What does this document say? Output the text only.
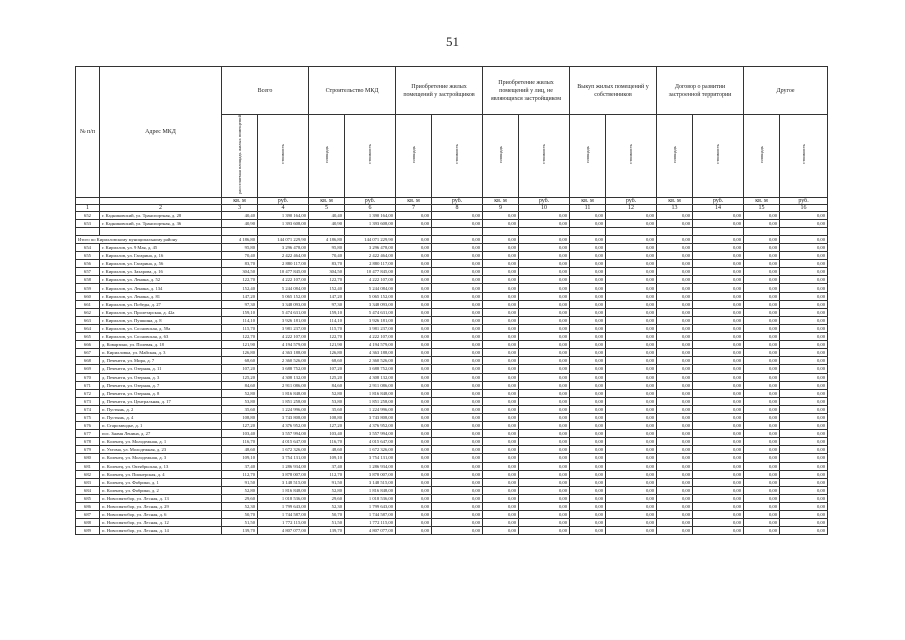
51
№ п/п	Адрес МКД	Всего		Строительство МКД		Приобретение жилых помещений у застройщиков		Приобретение жилых помещений у лиц, не являющихся застройщиком		Выкуп жилых помещений у собственников		Договор о развитии застроенной территории		Другое	
		расселяемая площадь жилых помещений	стоимость	площадь	стоимость	площадь	стоимость	площадь	стоимость	площадь	стоимость	площадь	стоимость	площадь	стоимость
		кв. м	руб.	кв. м	руб.	кв. м	руб.	кв. м	руб.	кв. м	руб.	кв. м	руб.	кв. м	руб.
1	2	3	4	5	6	7	8	9	10	11	12	13	14	15	16
652	г. Кадниковский, ул. Транспортная, д. 28	40,40	1 390 164,00	40,40	1 390 164,00	0,00	0,00	0,00	0,00	0,00	0,00	0,00	0,00	0,00	0,00
653	г. Кадниковский, ул. Транспортная, д. 36	40,90	1 393 608,00	40,90	1 393 608,00	0,00	0,00	0,00	0,00	0,00	0,00	0,00	0,00	0,00	0,00

Итого по Кирилловскому муниципальному району		4 186,80	144 071 229,90	4 186,80	144 071 229,90	0,00	0,00	0,00	0,00	0,00	0,00	0,00	0,00	0,00	0,00
654	г. Кириллов, ул. 9 Мая, д. 45	95,80	3 296 478,00	95,80	3 296 478,00	0,00	0,00	0,00	0,00	0,00	0,00	0,00	0,00	0,00	0,00
655	г. Кириллов, ул. Гагарина, д. 16	70,40	2 422 464,00	70,40	2 422 464,00	0,00	0,00	0,00	0,00	0,00	0,00	0,00	0,00	0,00	0,00
656	г. Кириллов, ул. Гагарина, д. 56	83,70	2 880 117,00	83,70	2 880 117,00	0,00	0,00	0,00	0,00	0,00	0,00	0,00	0,00	0,00	0,00
657	г. Кириллов, ул. Захарова, д. 16	304,50	10 477 845,00	304,50	10 477 845,00	0,00	0,00	0,00	0,00	0,00	0,00	0,00	0,00	0,00	0,00
658	г. Кириллов, ул. Ленина, д. 52	122,70	4 222 107,00	122,70	4 222 107,00	0,00	0,00	0,00	0,00	0,00	0,00	0,00	0,00	0,00	0,00
659	г. Кириллов, ул. Ленина, д. 134	152,40	5 244 084,00	152,40	5 244 084,00	0,00	0,00	0,00	0,00	0,00	0,00	0,00	0,00	0,00	0,00
660	г. Кириллов, ул. Ленина, д. 81	147,20	5 065 152,00	147,20	5 065 152,00	0,00	0,00	0,00	0,00	0,00	0,00	0,00	0,00	0,00	0,00
661	г. Кириллов, ул. Победы, д. 27	97,30	3 348 093,00	97,30	3 348 093,00	0,00	0,00	0,00	0,00	0,00	0,00	0,00	0,00	0,00	0,00
662	г. Кириллов, ул. Пролетарская, д. 42а	159,10	5 474 631,00	159,10	5 474 631,00	0,00	0,00	0,00	0,00	0,00	0,00	0,00	0,00	0,00	0,00
663	г. Кириллов, ул. Пушкина, д. 8	114,10	3 926 181,00	114,10	3 926 181,00	0,00	0,00	0,00	0,00	0,00	0,00	0,00	0,00	0,00	0,00
664	г. Кириллов, ул. Сосновская, д. 58а	115,70	3 981 237,00	115,70	3 981 237,00	0,00	0,00	0,00	0,00	0,00	0,00	0,00	0,00	0,00	0,00
665	г. Кириллов, ул. Сосновская, д. 63	122,70	4 222 107,00	122,70	4 222 107,00	0,00	0,00	0,00	0,00	0,00	0,00	0,00	0,00	0,00	0,00
666	д. Коварзино, ул. Полевая, д. 18	121,90	4 194 579,00	121,90	4 194 579,00	0,00	0,00	0,00	0,00	0,00	0,00	0,00	0,00	0,00	0,00
667	п. Кирилловка, ул. Майская, д. 3	126,80	4 363 188,00	126,80	4 363 188,00	0,00	0,00	0,00	0,00	0,00	0,00	0,00	0,00	0,00	0,00
668	д. Печенеги, ул. Мира, д. 7	68,60	2 360 526,00	68,60	2 360 526,00	0,00	0,00	0,00	0,00	0,00	0,00	0,00	0,00	0,00	0,00
669	д. Печенеги, ул. Озерная, д. 11	107,20	3 688 752,00	107,20	3 688 752,00	0,00	0,00	0,00	0,00	0,00	0,00	0,00	0,00	0,00	0,00
670	д. Печенеги, ул. Озерная, д. 3	125,20	4 308 132,00	125,20	4 308 132,00	0,00	0,00	0,00	0,00	0,00	0,00	0,00	0,00	0,00	0,00
671	д. Печенеги, ул. Озерная, д. 7	84,60	2 911 086,00	84,60	2 911 086,00	0,00	0,00	0,00	0,00	0,00	0,00	0,00	0,00	0,00	0,00
672	д. Печенеги, ул. Озерная, д. 8	52,80	1 816 848,00	52,80	1 816 848,00	0,00	0,00	0,00	0,00	0,00	0,00	0,00	0,00	0,00	0,00
673	д. Печенеги, ул. Центральная, д. 17	53,80	1 851 258,00	53,80	1 851 258,00	0,00	0,00	0,00	0,00	0,00	0,00	0,00	0,00	0,00	0,00
674	п. Пустынь, д. 2	35,60	1 224 996,00	35,60	1 224 996,00	0,00	0,00	0,00	0,00	0,00	0,00	0,00	0,00	0,00	0,00
675	п. Пустынь, д. 4	108,80	3 743 808,00	108,80	3 743 808,00	0,00	0,00	0,00	0,00	0,00	0,00	0,00	0,00	0,00	0,00
676	п. Старозаводье, д. 1	127,20	4 376 952,00	127,20	4 376 952,00	0,00	0,00	0,00	0,00	0,00	0,00	0,00	0,00	0,00	0,00
677	пос. Знамя Ленина, д. 27	103,40	3 557 994,00	103,40	3 557 994,00	0,00	0,00	0,00	0,00	0,00	0,00	0,00	0,00	0,00	0,00
678	п. Коленец, ул. Молодежная, д. 1	116,70	4 015 647,00	116,70	4 015 647,00	0,00	0,00	0,00	0,00	0,00	0,00	0,00	0,00	0,00	0,00
679	п. Ухтома, ул. Молодежная, д. 23	48,60	1 672 326,00	48,60	1 672 326,00	0,00	0,00	0,00	0,00	0,00	0,00	0,00	0,00	0,00	0,00
680	п. Коленец, ул. Молодежная, д. 3	109,10	3 754 131,00	109,10	3 754 131,00	0,00	0,00	0,00	0,00	0,00	0,00	0,00	0,00	0,00	0,00
681	п. Коленец, ул. Октябрьская, д. 13	37,40	1 286 934,00	37,40	1 286 934,00	0,00	0,00	0,00	0,00	0,00	0,00	0,00	0,00	0,00	0,00
682	п. Коленец, ул. Пионерская, д. 4	112,70	3 878 007,00	112,70	3 878 007,00	0,00	0,00	0,00	0,00	0,00	0,00	0,00	0,00	0,00	0,00
683	п. Коленец, ул. Фабрики, д. 1	91,50	3 148 515,00	91,50	3 148 515,00	0,00	0,00	0,00	0,00	0,00	0,00	0,00	0,00	0,00	0,00
684	п. Коленец, ул. Фабрики, д. 2	52,80	1 816 848,00	52,80	1 816 848,00	0,00	0,00	0,00	0,00	0,00	0,00	0,00	0,00	0,00	0,00
685	п. Новосвятобор, ул. Лесная, д. 13	29,60	1 018 536,00	29,60	1 018 536,00	0,00	0,00	0,00	0,00	0,00	0,00	0,00	0,00	0,00	0,00
686	п. Новосвятобор, ул. Лесная, д. 29	52,30	1 799 643,00	52,30	1 799 643,00	0,00	0,00	0,00	0,00	0,00	0,00	0,00	0,00	0,00	0,00
687	п. Новосвятобор, ул. Лесная, д. 6	50,70	1 744 587,00	50,70	1 744 587,00	0,00	0,00	0,00	0,00	0,00	0,00	0,00	0,00	0,00	0,00
688	п. Новосвятобор, ул. Лесная, д. 12	51,50	1 772 115,00	51,50	1 772 115,00	0,00	0,00	0,00	0,00	0,00	0,00	0,00	0,00	0,00	0,00
689	п. Новосвятобор, ул. Лесная, д. 14	139,70	4 807 077,00	139,70	4 807 077,00	0,00	0,00	0,00	0,00	0,00	0,00	0,00	0,00	0,00	0,00
